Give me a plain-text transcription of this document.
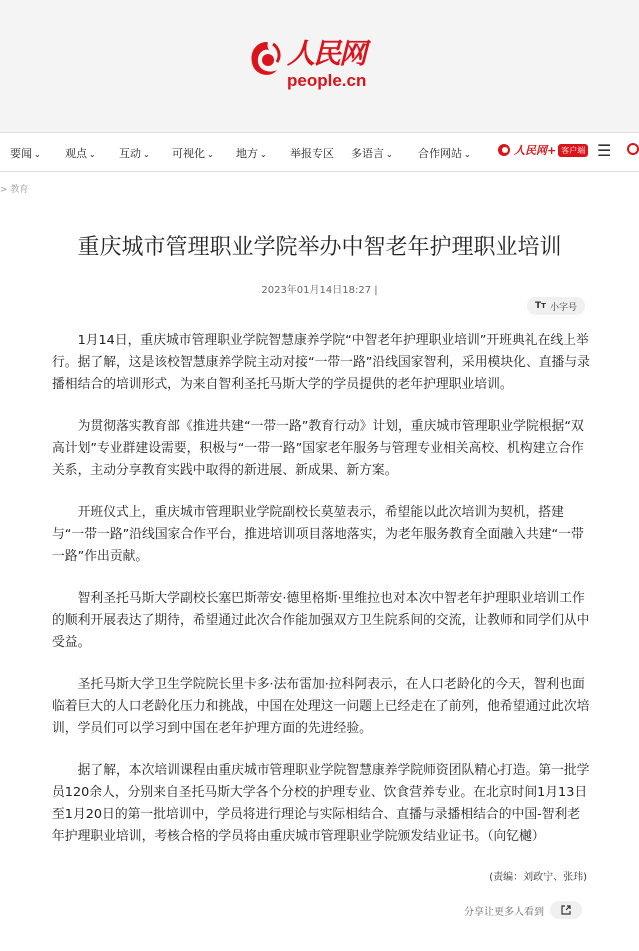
人民网
people.cn
要闻 ⌄ 观点 ⌄ 互动 ⌄ 可视化 ⌄ 地方 ⌄ 举报专区 多语言 ⌄ 合作网站 ⌄	人民网+ 客户端 ☰
> 教育
重庆城市管理职业学院举办中智老年护理职业培训
2023年01月14日18:27 |
TT 小字号

1月14日，重庆城市管理职业学院智慧康养学院“中智老年护理职业培训”开班典礼在线上举行。据了解，这是该校智慧康养学院主动对接“一带一路”沿线国家智利，采用模块化、直播与录播相结合的培训形式，为来自智利圣托马斯大学的学员提供的老年护理职业培训。

为贯彻落实教育部《推进共建“一带一路”教育行动》计划，重庆城市管理职业学院根据“双高计划”专业群建设需要，积极与“一带一路”国家老年服务与管理专业相关高校、机构建立合作关系，主动分享教育实践中取得的新进展、新成果、新方案。

开班仪式上，重庆城市管理职业学院副校长莫堃表示，希望能以此次培训为契机，搭建与“一带一路”沿线国家合作平台，推进培训项目落地落实，为老年服务教育全面融入共建“一带一路”作出贡献。

智利圣托马斯大学副校长塞巴斯蒂安·德里格斯·里维拉也对本次中智老年护理职业培训工作的顺利开展表达了期待，希望通过此次合作能加强双方卫生院系间的交流，让教师和同学们从中受益。

圣托马斯大学卫生学院院长里卡多·法布雷加·拉科阿表示，在人口老龄化的今天，智利也面临着巨大的人口老龄化压力和挑战，中国在处理这一问题上已经走在了前列，他希望通过此次培训，学员们可以学习到中国在老年护理方面的先进经验。

据了解，本次培训课程由重庆城市管理职业学院智慧康养学院师资团队精心打造。第一批学员120余人，分别来自圣托马斯大学各个分校的护理专业、饮食营养专业。在北京时间1月13日至1月20日的第一批培训中，学员将进行理论与实际相结合、直播与录播相结合的中国-智利老年护理职业培训，考核合格的学员将由重庆城市管理职业学院颁发结业证书。（向钇樾）

(责编：刘政宁、张玮)
分享让更多人看到
